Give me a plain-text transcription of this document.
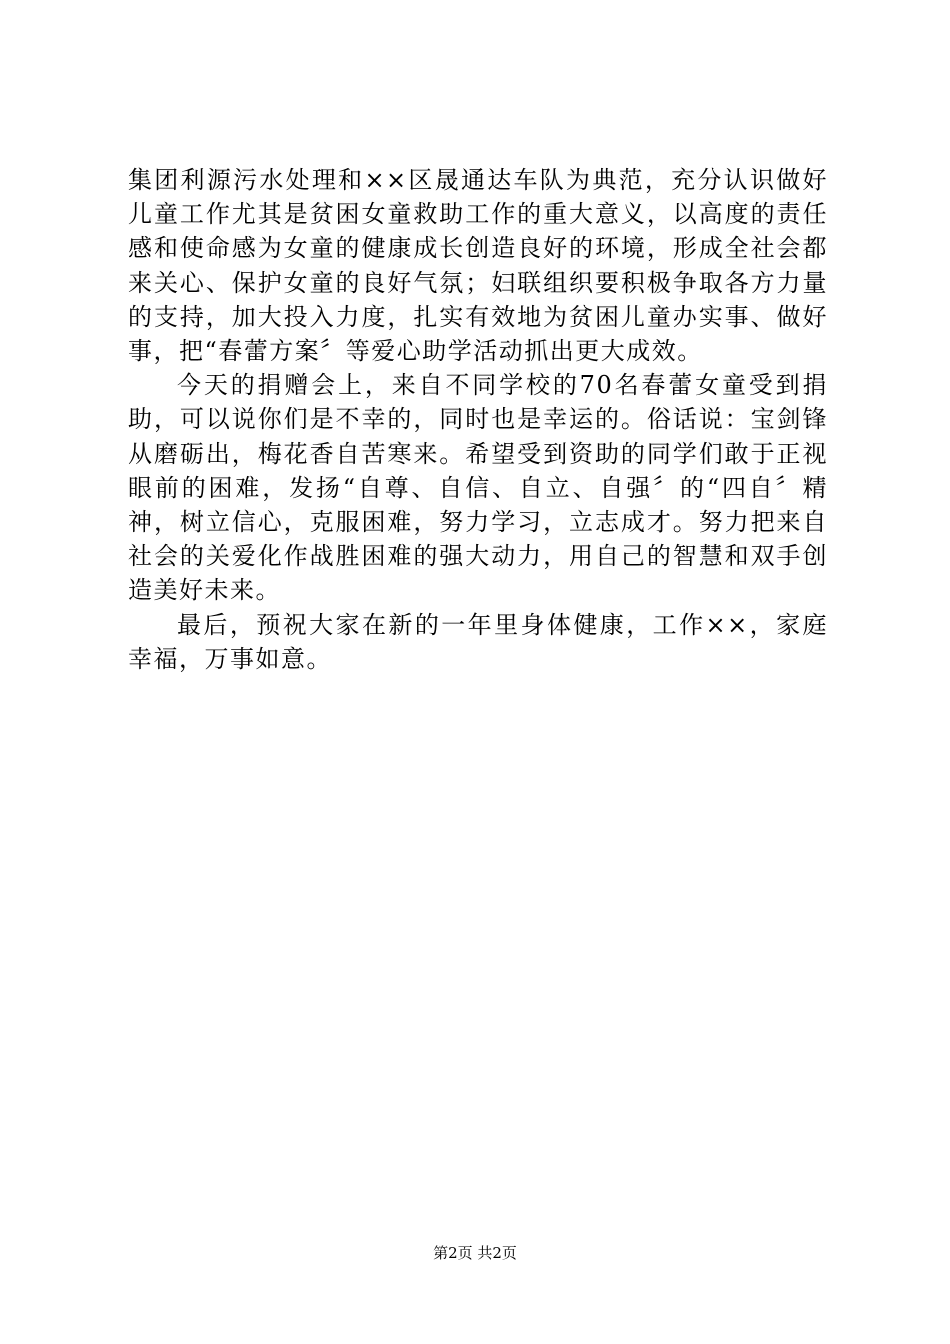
集团利源污水处理和××区晟通达车队为典范，充分认识做好儿童工作尤其是贫困女童救助工作的重大意义，以高度的责任感和使命感为女童的健康成长创造良好的环境，形成全社会都来关心、保护女童的良好气氛；妇联组织要积极争取各方力量的支持，加大投入力度，扎实有效地为贫困儿童办实事、做好事，把“春蕾方案〞等爱心助学活动抓出更大成效。

今天的捐赠会上，来自不同学校的70名春蕾女童受到捐助，可以说你们是不幸的，同时也是幸运的。俗话说：宝剑锋从磨砺出，梅花香自苦寒来。希望受到资助的同学们敢于正视眼前的困难，发扬“自尊、自信、自立、自强〞的“四自〞精神，树立信心，克服困难，努力学习，立志成才。努力把来自社会的关爱化作战胜困难的强大动力，用自己的智慧和双手创造美好未来。

最后，预祝大家在新的一年里身体健康，工作××，家庭幸福，万事如意。

第2页 共2页
